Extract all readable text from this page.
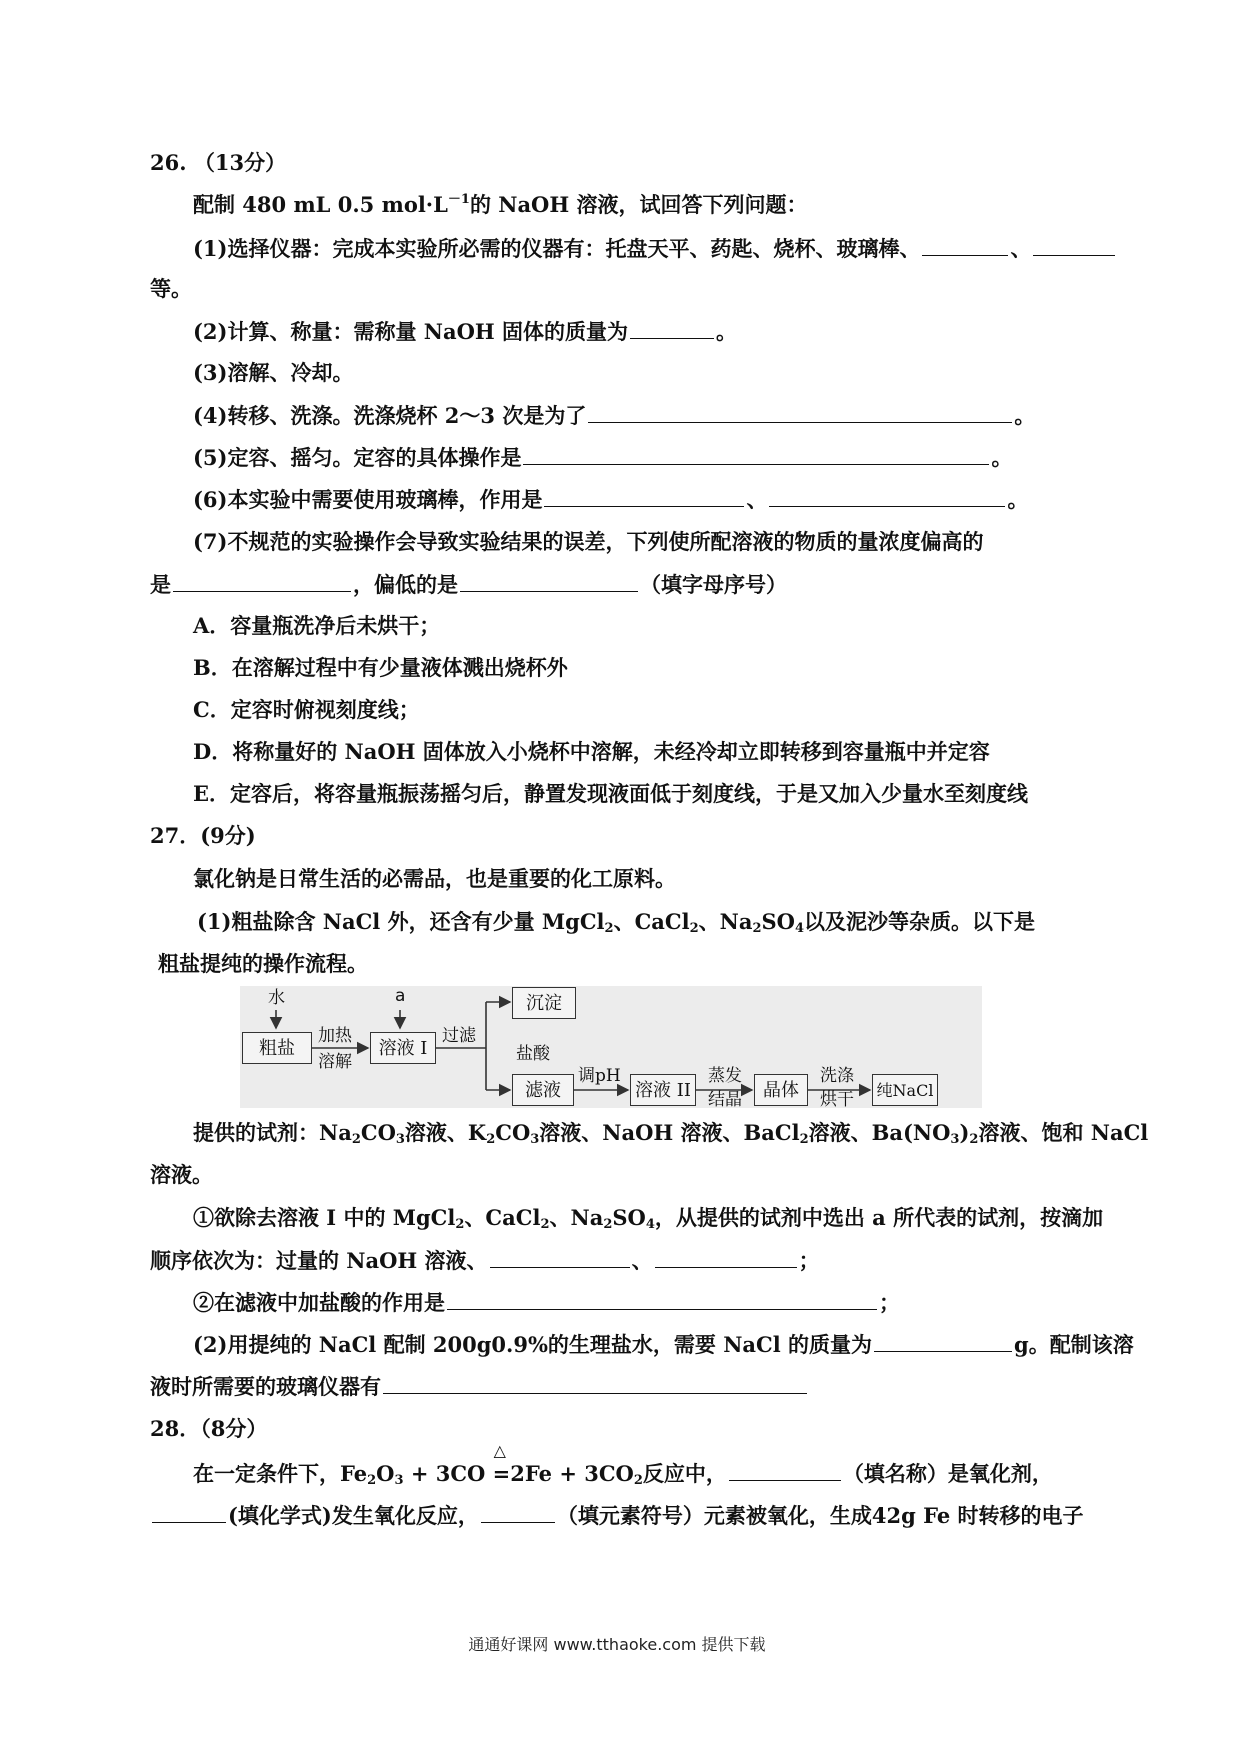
26. （13分）
配制 480 mL 0.5 $mol\cdot L^{-1}$的 NaOH 溶液，试回答下列问题：
(1)选择仪器：完成本实验所必需的仪器有：托盘天平、药匙、烧杯、玻璃棒、	、
等。
(2)计算、称量：需称量 NaOH 固体的质量为	。
(3)溶解、冷却。
(4)转移、洗涤。洗涤烧杯 2～3 次是为了	。
(5)定容、摇匀。定容的具体操作是	。
(6)本实验中需要使用玻璃棒，作用是	、	。
(7)不规范的实验操作会导致实验结果的误差，下列使所配溶液的物质的量浓度偏高的
是	，偏低的是	（填字母序号）
A．容量瓶洗净后未烘干；
B．在溶解过程中有少量液体溅出烧杯外
C．定容时俯视刻度线；
D．将称量好的 NaOH 固体放入小烧杯中溶解，未经冷却立即转移到容量瓶中并定容
E．定容后，将容量瓶振荡摇匀后，静置发现液面低于刻度线，于是又加入少量水至刻度线
27．(9分)
氯化钠是日常生活的必需品，也是重要的化工原料。
(1)粗盐除含 NaCl 外，还含有少量 MgCl$_2$、CaCl$_2$、$Na_2SO_4$以及泥沙等杂质。以下是
粗盐提纯的操作流程。
水	a
粗盐
加热
溶解
溶液 I
过滤
沉淀
盐酸
滤液
调pH
溶液 II
蒸发
结晶	晶体
洗涤
烘干 纯NaCl
提供的试剂：$Na_2CO_3$溶液、$K_2CO_3$溶液、NaOH 溶液、BaCl$_2$溶液、$Ba(NO_3)_2$溶液、饱和 NaCl
溶液。
①欲除去溶液 I 中的 MgCl$_2$、CaCl$_2$、$Na_2SO_4$，从提供的试剂中选出 a 所代表的试剂，按滴加
顺序依次为：过量的 NaOH 溶液、	、	；
②在滤液中加盐酸的作用是	；
(2)用提纯的 NaCl 配制 200g0.9%的生理盐水，需要 NaCl 的质量为	g。配制该溶
液时所需要的玻璃仪器有
28．（8分）
在一定条件下，$Fe_2O_3 + 3CO$
△
$=2Fe + 3CO_2$反应中，	（填名称）是氧化剂，
(填化学式)发生氧化反应，	（填元素符号）元素被氧化，生成42g Fe 时转移的电子
通通好课网 www.tthaoke.com 提供下载
